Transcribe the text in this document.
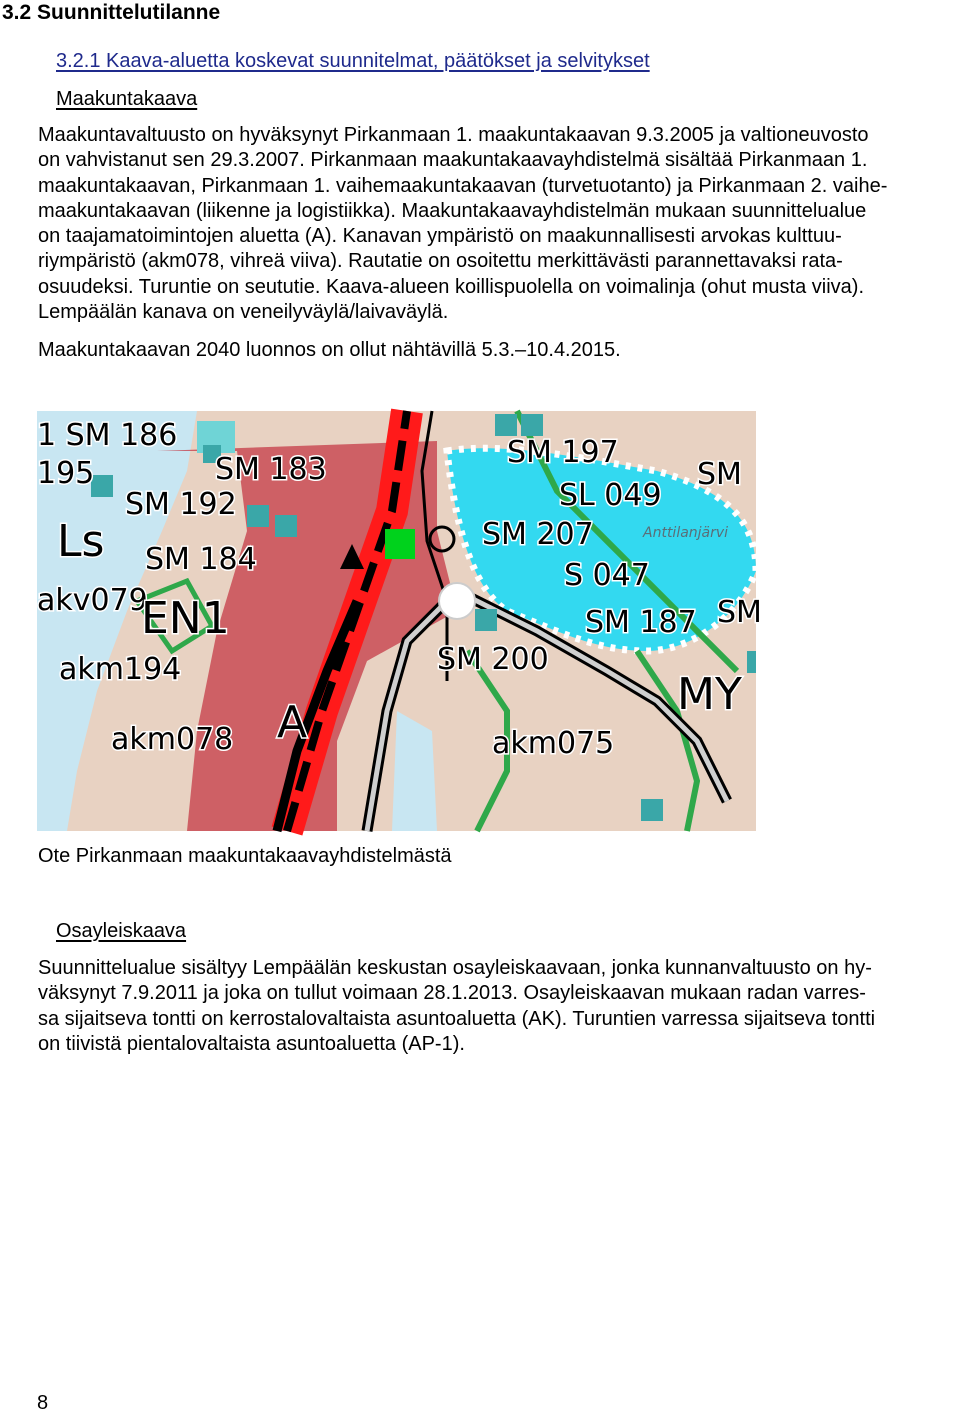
3.2 Suunnittelutilanne
3.2.1 Kaava-aluetta koskevat suunnitelmat, päätökset ja selvitykset
Maakuntakaava
Maakuntavaltuusto on hyväksynyt Pirkanmaan 1. maakuntakaavan 9.3.2005 ja valtioneuvosto
on vahvistanut sen 29.3.2007. Pirkanmaan maakuntakaavayhdistelmä sisältää Pirkanmaan 1.
maakuntakaavan, Pirkanmaan 1. vaihemaakuntakaavan (turvetuotanto) ja Pirkanmaan 2. vaihe-
maakuntakaavan (liikenne ja logistiikka). Maakuntakaavayhdistelmän mukaan suunnittelualue
on taajamatoimintojen aluetta (A). Kanavan ympäristö on maakunnallisesti arvokas kulttuu-
riympäristö (akm078, vihreä viiva). Rautatie on osoitettu merkittävästi parannettavaksi rata-
osuudeksi. Turuntie on seututie. Kaava-alueen koillispuolella on voimalinja (ohut musta viiva).
Lempäälän kanava on veneilyväylä/laivaväylä.
Maakuntakaavan 2040 luonnos on ollut nähtävillä 5.3.–10.4.2015.
1 SM 186
195	SM 183
SM 192
Ls SM 184
akv079
EN1
akm194
A
akm078
SM 197
SM
SL 049
SM 207	Anttilanjärvi
S 047
SM 187 SM
SM 200
MY
akm075
Ote Pirkanmaan maakuntakaavayhdistelmästä
Osayleiskaava
Suunnittelualue sisältyy Lempäälän keskustan osayleiskaavaan, jonka kunnanvaltuusto on hy-
väksynyt 7.9.2011 ja joka on tullut voimaan 28.1.2013. Osayleiskaavan mukaan radan varres-
sa sijaitseva tontti on kerrostalovaltaista asuntoaluetta (AK). Turuntien varressa sijaitseva tontti
on tiivistä pientalovaltaista asuntoaluetta (AP-1).
8
